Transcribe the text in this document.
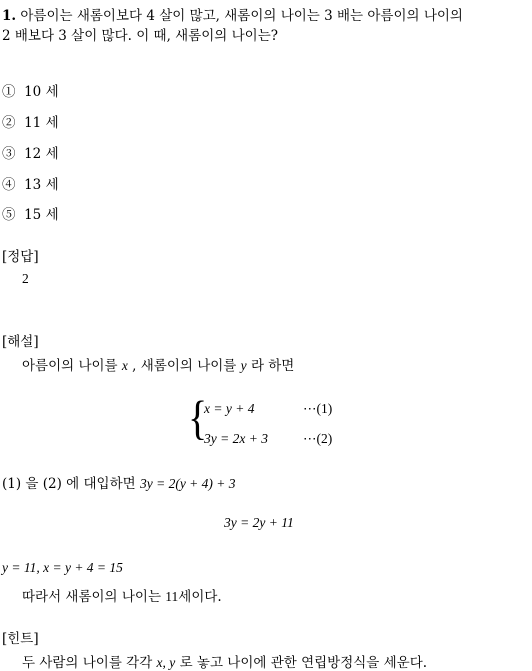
1. 아름이는 새롬이보다 4 살이 많고, 새롬이의 나이는 3 배는 아름이의 나이의
2 배보다 3 살이 많다. 이 때, 새롬이의 나이는?
① 10 세
② 11 세
③ 12 세
④ 13 세
⑤ 15 세
[정답]
2
[해설]
아름이의 나이를 x , 새롬이의 나이를 y 라 하면
{
x = y + 4	⋯(1)
3y = 2x + 3	⋯(2)
(1) 을 (2) 에 대입하면 3y = 2(y + 4) + 3
3y = 2y + 11
y = 11, x = y + 4 = 15
따라서 새롬이의 나이는 11세이다.
[힌트]
두 사람의 나이를 각각 x, y 로 놓고 나이에 관한 연립방정식을 세운다.
